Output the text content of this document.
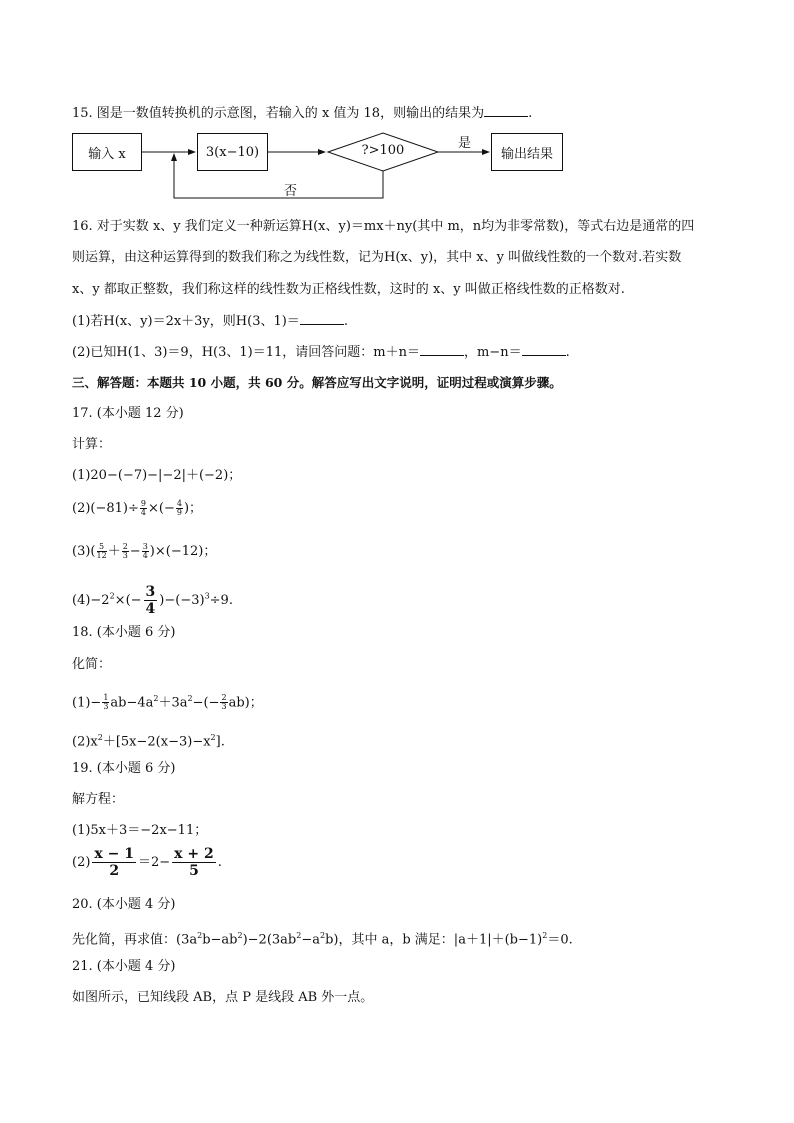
15. 图是一数值转换机的示意图，若输入的 x 值为 18，则输出的结果为	.
输入 x	3(x−10)	?>100	输出结果
是
否
16. 对于实数 x、y 我们定义一种新运算H(x、y)＝mx＋ny(其中 m，n均为非零常数)，等式右边是通常的四
则运算，由这种运算得到的数我们称之为线性数，记为H(x、y)，其中 x、y 叫做线性数的一个数对.若实数
x、y 都取正整数，我们称这样的线性数为正格线性数，这时的 x、y 叫做正格线性数的正格数对.
(1)若H(x、y)＝2x＋3y，则H(3、1)＝	.
(2)已知H(1、3)＝9，H(3、1)＝11，请回答问题：m＋n＝	，m−n＝	.
三、解答题：本题共 10 小题，共 60 分。解答应写出文字说明，证明过程或演算步骤。
17. (本小题 12 分)
计算：
(1)20−(−7)−|−2|＋(−2)；
$(2)(-81)\div \frac{9}{4}$ ×(− $\frac{4}{9}$ )；
$(3)( \frac{5}{12} + \frac{2}{3} - \frac{3}{4} )\times(-12)$；
$(4)-2^2\times(- \frac{3}{4} )-(-3)^3\div 9$.
18. (本小题 6 分)
化简：
$(1)- \frac{1}{3} ab-4a^2+3a^2-(- \frac{2}{3} ab)$；
$(2)x^2+[5x-2(x-3)-x^2]$.
19. (本小题 6 分)
解方程：
(1)5x＋3＝−2x−11；
$(2) \frac{x - 1}{2} =2- \frac{x + 2}{5}$ .
20. (本小题 4 分)
先化简，再求值：$(3a^2b-ab^2)-2(3ab^2-a^2b)$，其中 a，b 满足：$|a+1|+(b-1)^2=0$.
21. (本小题 4 分)
如图所示，已知线段 AB，点 P 是线段 AB 外一点。
